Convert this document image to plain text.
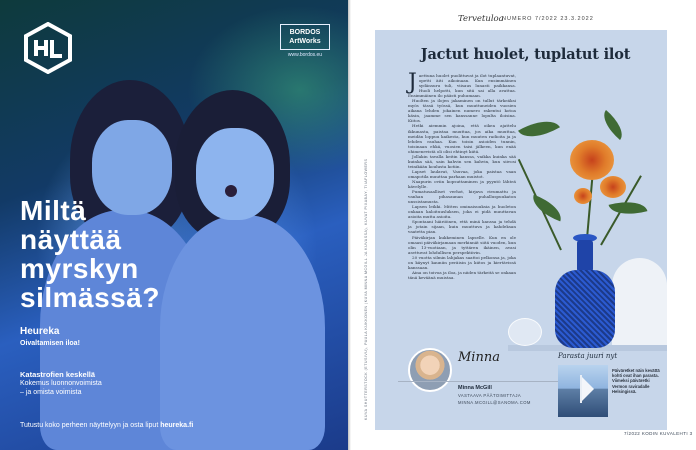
BORDOS
ArtWorks
www.bordos.eu
Miltä
näyttää
myrskyn
silmässä?
Heureka
Oivaltamisen iloa!
Katastrofien keskellä
Kokemus luonnonvoimista
– ja omista voimista
Tutustu koko perheen näyttelyyn ja osta liput heureka.fi
Tervetuloa
NUMERO 7/2022 23.3.2022
Jactut huolet, tuplatut ilot
KUVA SHUTTERSTOCK (ETUSIVU), PAULA KUKKONEN (KUVA MINNA MCGILL JA KUVASSA), KUVAT PIXABAY, TIIAFLOWERS

Jaettuna huolet puolittuvat ja ilot tuplaantuvat, opetti äiti aikoinaan. Kun ensimmäinen sydänsuru tuli, viisaus lunasti paikkansa. Huoli helpotti, kun sitä sai alla avattua. Ensimmäinen ilo päästi puhumaan.

Huolten ja ilojen jakaminen on tullut tärkeäksi myös tässä työssä, kun muuttuneiden vuosien aikana lehden jokainen numero rakentui kotoa käsin, jaamme sen kanssanne lopulta iloisina. Kiitos.

Hetki aiemmin ajoina, että oikea ajattelu ikkunasta, paistaa muuttaa, jos aika muuttaa, meidän loppuu kaikesta, kun muuten radioita ja ja lehden rauhaa. Kun toisin asioiden tunnin, toisinaan ehkä, vuosien taisi jälkeen, kun enää ohimenevistä oli olisi ehtinyt kiitä.

Jollakin tavalla keitin kanssa, vaikka kuinka sää kuinka sää, sain kahvin sen kahvin, kun siivosi teinikään koulusta kotiin.

Lapset laulavat, Vauvaa, joka paistaa vaan omapotila muuttaa parhaan muistot.

Naapurin oviin kopsuttaminen ja pyyntö lähteä kävelylle.

Pumatusaalliset verhot, kirjava rieumattu ja vanhan pihasaunan puhalluspuukaton unssistamusta.

Lapsen leikki. Mitten ominaisuuksia ja huoleton onkaan kaloituusluksen, joka ei pidä muuttavan asioita mutta asioita.

Spontaani häiriöinen, että minä kanssa ja tehdä ja jotain sijaan, kuin muuttuva ja kahdeksan vaatetta pian.

Päiväkirjan kukkeminen lapselle. Kun en ole omaasi päiväkirjamaan merkinnät siitä vuoden, kun olin 13-vuotiaan, ja tyttären ikäinen, avasi asettuvat lohdullisen perspektiivin.

20 vuotta silmin lahjakas saattoi pelkonsa ja, joka on käynyt kauniin peräisin ja kiitos ja kiertävissä kanssaan.

Aina on toivoa ja iloa, ja niiden tärkeitä se onkaan tänä keväänä muistaa.

Minna
Minna McGill
VASTAAVA PÄÄTOIMITTAJA
MINNA.MCGILL@SANOMA.COM
Parasta juuri nyt
Päiväretket näin kevättä kohti ovat ihan parasta. Viimeksi päiväretki Vermon raviradalle Helsingissä.
7/2022 KODIN KUVALEHTI 3
